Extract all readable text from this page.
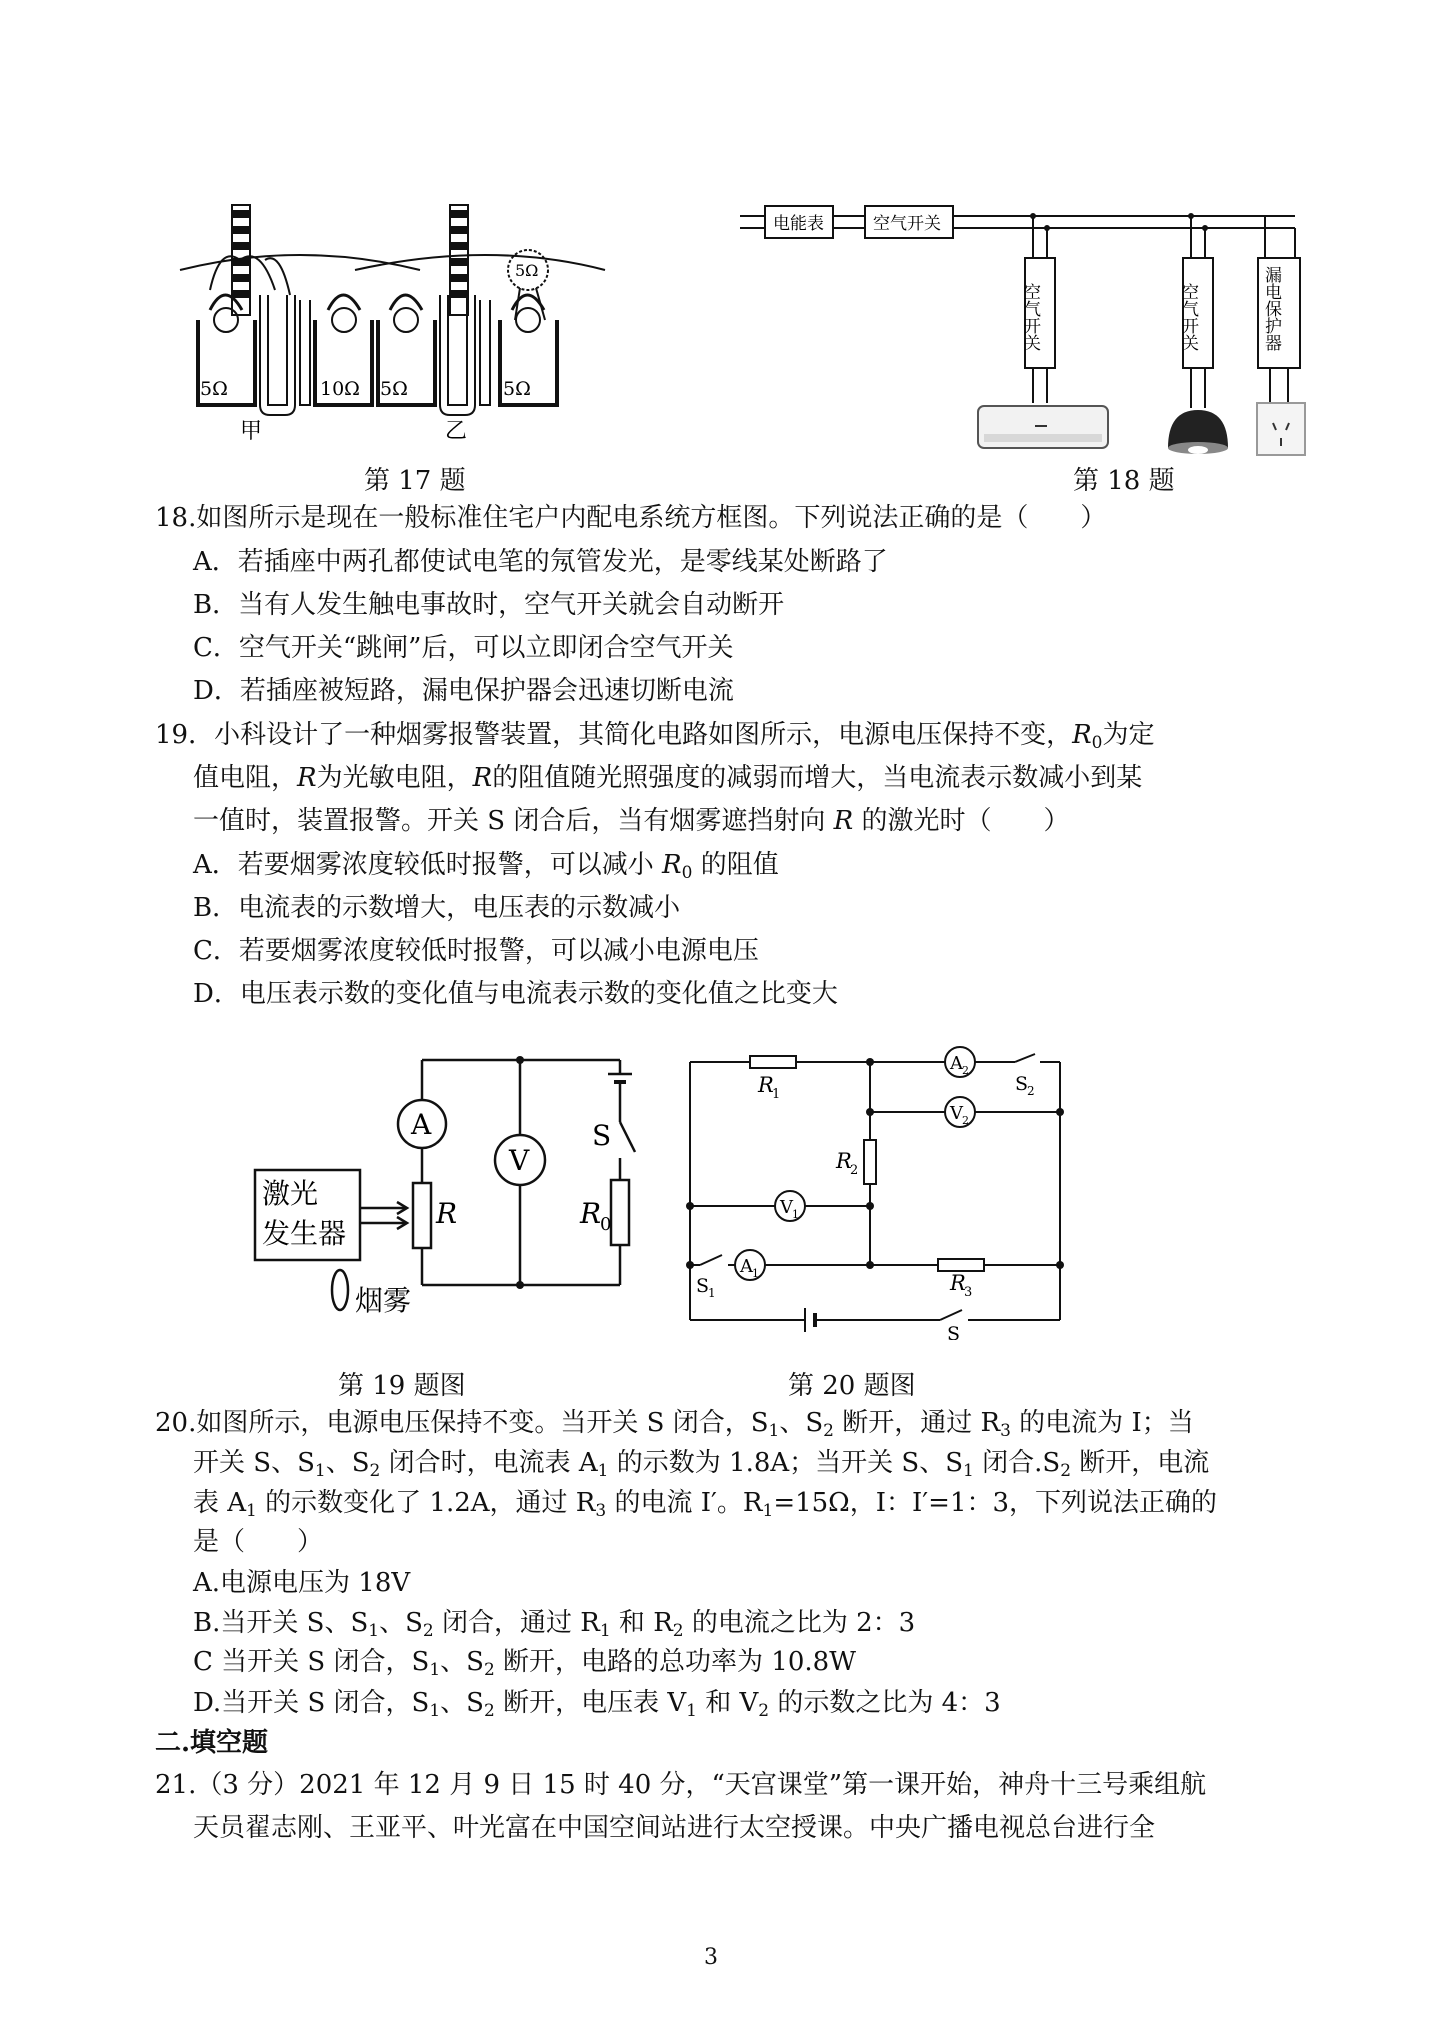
5Ω	10Ω
甲
5Ω	5Ω
5Ω
乙
第 17 题
电能表	空气开关
空气开关	空气开关	漏电保护器
第 18 题
18.如图所示是现在一般标准住宅户内配电系统方框图。下列说法正确的是（　　）
A．若插座中两孔都使试电笔的氖管发光，是零线某处断路了
B．当有人发生触电事故时，空气开关就会自动断开
C．空气开关“跳闸”后，可以立即闭合空气开关
D．若插座被短路，漏电保护器会迅速切断电流
19．小科设计了一种烟雾报警装置，其简化电路如图所示，电源电压保持不变，$R_0$为定
值电阻，R为光敏电阻，R的阻值随光照强度的减弱而增大，当电流表示数减小到某
一值时，装置报警。开关 S 闭合后，当有烟雾遮挡射向 R 的激光时（　　）
A．若要烟雾浓度较低时报警，可以减小 $R_0$ 的阻值
B．电流表的示数增大，电压表的示数减小
C．若要烟雾浓度较低时报警，可以减小电源电压
D．电压表示数的变化值与电流表示数的变化值之比变大
A
V
S
R	R
0
激光
发生器
烟雾
R
1
R
2
R
3
A 2
V 2
V 1
A 1
S
2
S
1
S
第 19 题图	第 20 题图
20.如图所示，电源电压保持不变。当开关 S 闭合，$S_1$、$S_2$ 断开，通过 $R_3$ 的电流为 I；当
开关 S、$S_1$、$S_2$ 闭合时，电流表 $A_1$ 的示数为 1.8A；当开关 S、$S_1$ 闭合$.S_2$ 断开，电流
表 $A_1$ 的示数变化了 1.2A，通过 $R_3$ 的电流 I′。$R_1=15\Omega$，I：I′=1：3，下列说法正确的
是（　　）
A.电源电压为 18V
B.当开关 S、$S_1$、$S_2$ 闭合，通过 $R_1$ 和 $R_2$ 的电流之比为 2：3
C 当开关 S 闭合，$S_1$、$S_2$ 断开，电路的总功率为 10.8W
D.当开关 S 闭合，$S_1$、$S_2$ 断开，电压表 $V_1$ 和 $V_2$ 的示数之比为 4：3
二.填空题
21.（3 分）2021 年 12 月 9 日 15 时 40 分，“天宫课堂”第一课开始，神舟十三号乘组航
天员翟志刚、王亚平、叶光富在中国空间站进行太空授课。中央广播电视总台进行全
3
